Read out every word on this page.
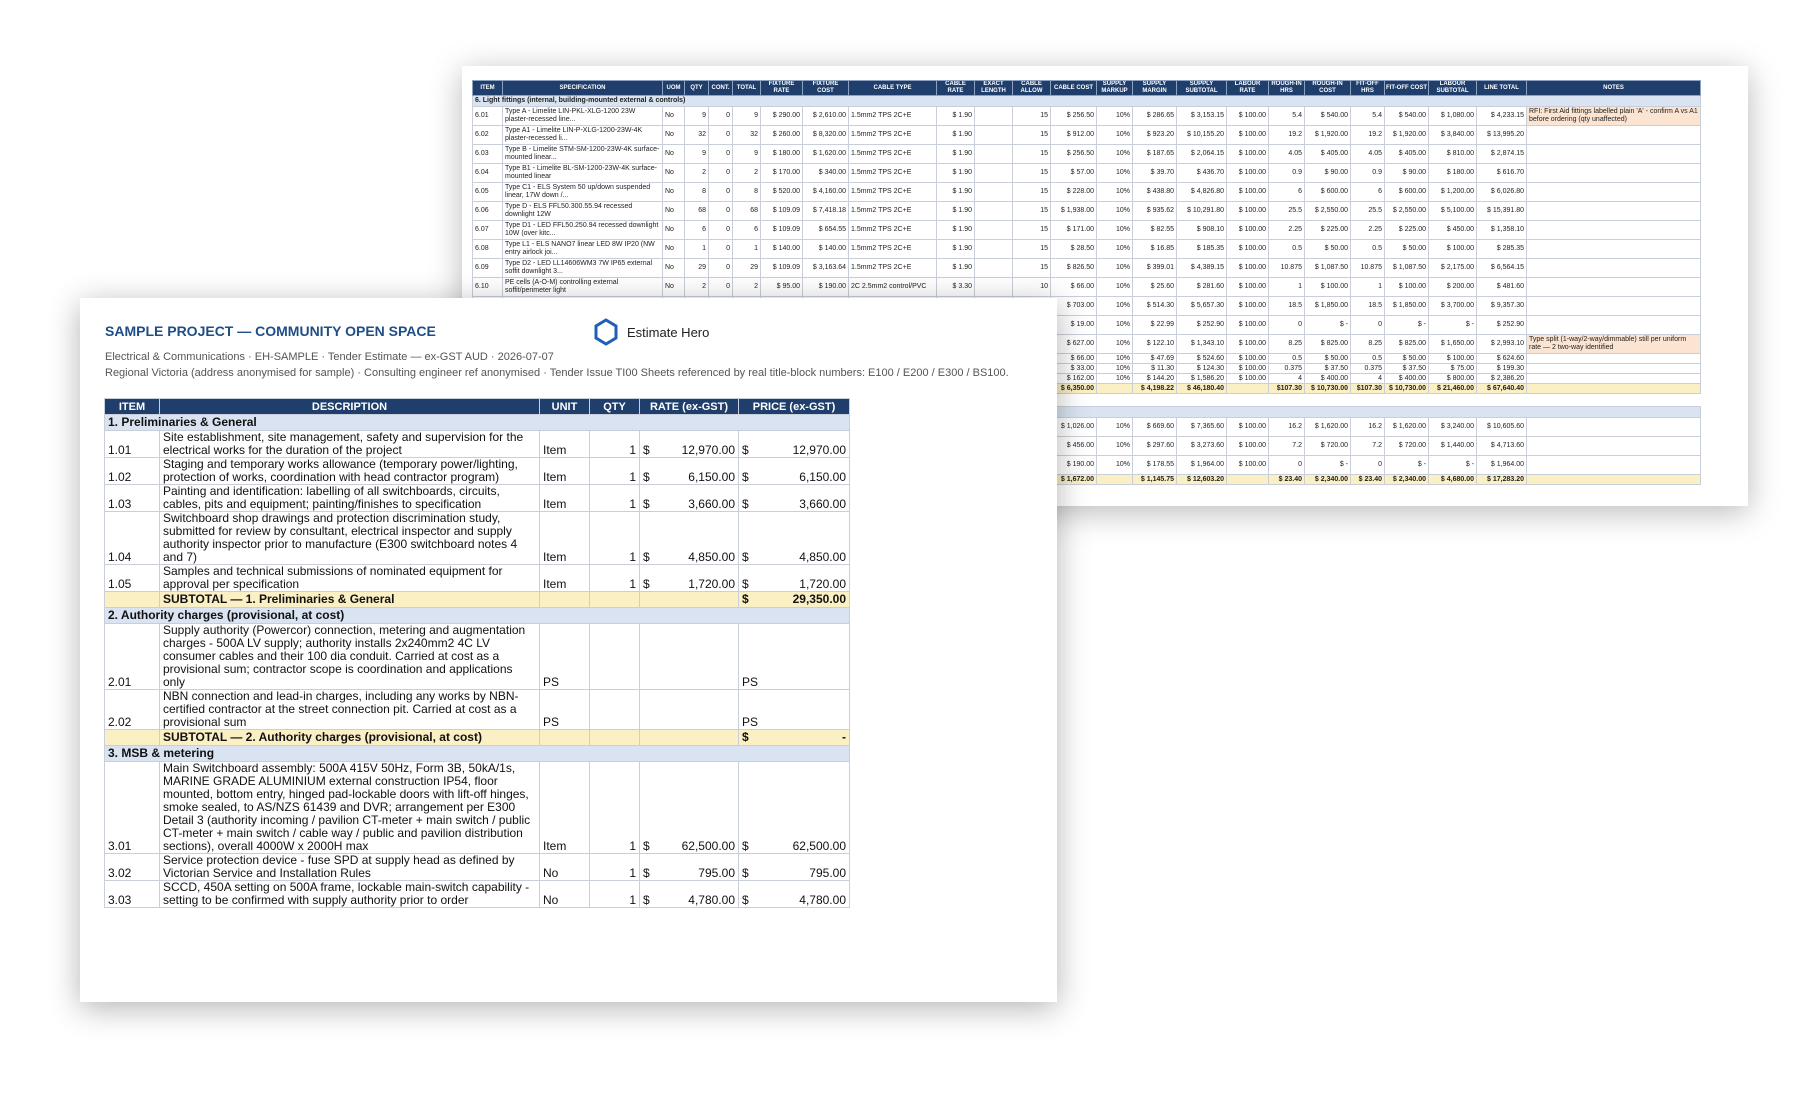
ITEM	SPECIFICATION	UOM	QTY	CONT.	TOTAL	FIXTURE RATE	FIXTURE COST	CABLE TYPE	CABLE RATE	EXACT LENGTH	CABLE ALLOW	CABLE COST	SUPPLY MARKUP	SUPPLY MARGIN	SUPPLY SUBTOTAL	LABOUR RATE	ROUGH-IN HRS	ROUGH-IN COST	FIT-OFF HRS	FIT-OFF COST	LABOUR SUBTOTAL	LINE TOTAL	NOTES
6. Light fittings (internal, building-mounted external & controls)																							
6.01	Type A - Limelite LIN-PKL-XLG-1200 23W plaster-recessed line...	No	9	0	9	$ 290.00	$ 2,610.00	1.5mm2 TPS 2C+E	$ 1.90		15	$ 256.50	10%	$ 286.65	$ 3,153.15	$ 100.00	5.4	$ 540.00	5.4	$ 540.00	$ 1,080.00	$ 4,233.15	RFI: First Aid fittings labelled plain 'A' - confirm A vs A1 before ordering (qty unaffected)
6.02	Type A1 - Limelite LIN-P-XLG-1200-23W-4K plaster-recessed li...	No	32	0	32	$ 260.00	$ 8,320.00	1.5mm2 TPS 2C+E	$ 1.90		15	$ 912.00	10%	$ 923.20	$ 10,155.20	$ 100.00	19.2	$ 1,920.00	19.2	$ 1,920.00	$ 3,840.00	$ 13,995.20	
6.03	Type B - Limelite STM-SM-1200-23W-4K surface-mounted linear...	No	9	0	9	$ 180.00	$ 1,620.00	1.5mm2 TPS 2C+E	$ 1.90		15	$ 256.50	10%	$ 187.65	$ 2,064.15	$ 100.00	4.05	$ 405.00	4.05	$ 405.00	$ 810.00	$ 2,874.15	
6.04	Type B1 - Limelite BL-SM-1200-23W-4K surface-mounted linear	No	2	0	2	$ 170.00	$ 340.00	1.5mm2 TPS 2C+E	$ 1.90		15	$ 57.00	10%	$ 39.70	$ 436.70	$ 100.00	0.9	$ 90.00	0.9	$ 90.00	$ 180.00	$ 616.70	
6.05	Type C1 - ELS System 50 up/down suspended linear, 17W down /...	No	8	0	8	$ 520.00	$ 4,160.00	1.5mm2 TPS 2C+E	$ 1.90		15	$ 228.00	10%	$ 438.80	$ 4,826.80	$ 100.00	6	$ 600.00	6	$ 600.00	$ 1,200.00	$ 6,026.80	
6.06	Type D - ELS FFL50.300.55.94 recessed downlight 12W	No	68	0	68	$ 109.09	$ 7,418.18	1.5mm2 TPS 2C+E	$ 1.90		15	$ 1,938.00	10%	$ 935.62	$ 10,291.80	$ 100.00	25.5	$ 2,550.00	25.5	$ 2,550.00	$ 5,100.00	$ 15,391.80	
6.07	Type D1 - LED FFL50.250.94 recessed downlight 10W (over kitc...	No	6	0	6	$ 109.09	$ 654.55	1.5mm2 TPS 2C+E	$ 1.90		15	$ 171.00	10%	$ 82.55	$ 908.10	$ 100.00	2.25	$ 225.00	2.25	$ 225.00	$ 450.00	$ 1,358.10	
6.08	Type L1 - ELS NANO7 linear LED 8W IP20 (NW entry airlock joi...	No	1	0	1	$ 140.00	$ 140.00	1.5mm2 TPS 2C+E	$ 1.90		15	$ 28.50	10%	$ 16.85	$ 185.35	$ 100.00	0.5	$ 50.00	0.5	$ 50.00	$ 100.00	$ 285.35	
6.09	Type D2 - LED LL14606WM3 7W IP65 external soffit downlight 3...	No	29	0	29	$ 109.09	$ 3,163.64	1.5mm2 TPS 2C+E	$ 1.90		15	$ 826.50	10%	$ 399.01	$ 4,389.15	$ 100.00	10.875	$ 1,087.50	10.875	$ 1,087.50	$ 2,175.00	$ 6,564.15	
6.10	PE cells (A-O-M) controlling external soffit/perimeter light	No	2	0	2	$ 95.00	$ 190.00	2C 2.5mm2 control/PVC	$ 3.30		10	$ 66.00	10%	$ 25.60	$ 281.60	$ 100.00	1	$ 100.00	1	$ 100.00	$ 200.00	$ 481.60	
												$ 703.00	10%	$ 514.30	$ 5,657.30	$ 100.00	18.5	$ 1,850.00	18.5	$ 1,850.00	$ 3,700.00	$ 9,357.30	
												$ 19.00	10%	$ 22.99	$ 252.90	$ 100.00	0	$ -	0	$ -	$ -	$ 252.90	
												$ 627.00	10%	$ 122.10	$ 1,343.10	$ 100.00	8.25	$ 825.00	8.25	$ 825.00	$ 1,650.00	$ 2,993.10	Type split (1-way/2-way/dimmable) still per uniform rate — 2 two-way identified
												$ 66.00	10%	$ 47.69	$ 524.60	$ 100.00	0.5	$ 50.00	0.5	$ 50.00	$ 100.00	$ 624.60	
												$ 33.00	10%	$ 11.30	$ 124.30	$ 100.00	0.375	$ 37.50	0.375	$ 37.50	$ 75.00	$ 199.30	
												$ 162.00	10%	$ 144.20	$ 1,586.20	$ 100.00	4	$ 400.00	4	$ 400.00	$ 800.00	$ 2,386.20	
												$ 6,350.00		$ 4,198.22	$ 46,180.40		$107.30	$ 10,730.00	$107.30	$ 10,730.00	$ 21,460.00	$ 67,640.40	

												$ 1,026.00	10%	$ 669.60	$ 7,365.60	$ 100.00	16.2	$ 1,620.00	16.2	$ 1,620.00	$ 3,240.00	$ 10,605.60	
												$ 456.00	10%	$ 297.60	$ 3,273.60	$ 100.00	7.2	$ 720.00	7.2	$ 720.00	$ 1,440.00	$ 4,713.60	
												$ 190.00	10%	$ 178.55	$ 1,964.00	$ 100.00	0	$ -	0	$ -	$ -	$ 1,964.00	
												$ 1,672.00		$ 1,145.75	$ 12,603.20		$ 23.40	$ 2,340.00	$ 23.40	$ 2,340.00	$ 4,680.00	$ 17,283.20	
SAMPLE PROJECT — COMMUNITY OPEN SPACE	Estimate Hero
Electrical & Communications · EH-SAMPLE · Tender Estimate — ex-GST AUD · 2026-07-07
Regional Victoria (address anonymised for sample) · Consulting engineer ref anonymised · Tender Issue TI00 Sheets referenced by real title-block numbers: E100 / E200 / E300 / BS100.
ITEM	DESCRIPTION	UNIT	QTY	RATE (ex-GST)	PRICE (ex-GST)
1. Preliminaries & General					
1.01	Site establishment, site management, safety and supervision for the electrical works for the duration of the project	Item	1	$ 12,970.00	$ 12,970.00

1.02	Staging and temporary works allowance (temporary power/lighting, protection of works, coordination with head contractor program)	Item	1	$ 6,150.00	$ 6,150.00

1.03	Painting and identification: labelling of all switchboards, circuits, cables, pits and equipment; painting/finishes to specification	Item	1	$ 3,660.00	$ 3,660.00

1.04	Switchboard shop drawings and protection discrimination study, submitted for review by consultant, electrical inspector and supply authority inspector prior to manufacture (E300 switchboard notes 4 and 7)	Item	1	$ 4,850.00	$ 4,850.00

1.05	Samples and technical submissions of nominated equipment for approval per specification	Item	1	$ 1,720.00	$ 1,720.00

	SUBTOTAL — 1. Preliminaries & General				$ 29,350.00

2. Authority charges (provisional, at cost)					
2.01	Supply authority (Powercor) connection, metering and augmentation charges - 500A LV supply; authority installs 2x240mm2 4C LV consumer cables and their 100 dia conduit. Carried at cost as a provisional sum; contractor scope is coordination and applications only	PS			PS
2.02	NBN connection and lead-in charges, including any works by NBN-certified contractor at the street connection pit. Carried at cost as a provisional sum	PS			PS
	SUBTOTAL — 2. Authority charges (provisional, at cost)				$ -

3. MSB & metering					
3.01	Main Switchboard assembly: 500A 415V 50Hz, Form 3B, 50kA/1s, MARINE GRADE ALUMINIUM external construction IP54, floor mounted, bottom entry, hinged pad-lockable doors with lift-off hinges, smoke sealed, to AS/NZS 61439 and DVR; arrangement per E300 Detail 3 (authority incoming / pavilion CT-meter + main switch / public CT-meter + main switch / cable way / public and pavilion distribution sections), overall 4000W x 2000H max	Item	1	$ 62,500.00	$ 62,500.00

3.02	Service protection device - fuse SPD at supply head as defined by Victorian Service and Installation Rules	No	1	$ 795.00	$ 795.00

3.03	SCCD, 450A setting on 500A frame, lockable main-switch capability - setting to be confirmed with supply authority prior to order	No	1	$ 4,780.00	$ 4,780.00
